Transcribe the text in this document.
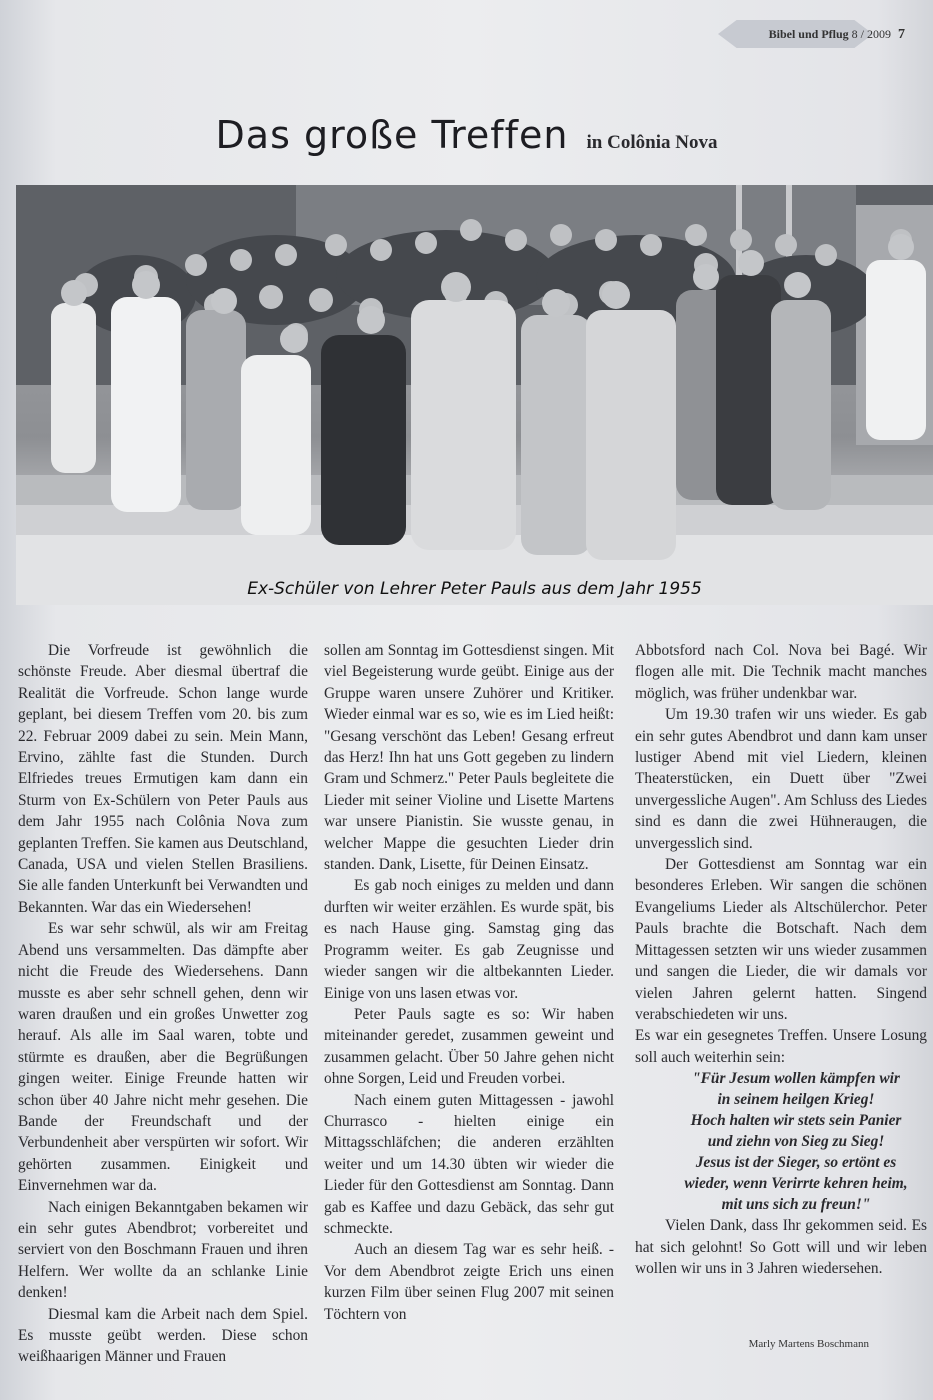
Bibel und Pflug 8 / 2009 7
Das große Treffen in Colônia Nova
Ex-Schüler von Lehrer Peter Pauls aus dem Jahr 1955

Die Vorfreude ist gewöhnlich die schönste Freude. Aber diesmal übertraf die Realität die Vorfreude. Schon lange wurde geplant, bei diesem Treffen vom 20. bis zum 22. Februar 2009 dabei zu sein. Mein Mann, Ervino, zählte fast die Stunden. Durch Elfriedes treues Ermutigen kam dann ein Sturm von Ex-Schülern von Peter Pauls aus dem Jahr 1955 nach Colônia Nova zum geplanten Treffen. Sie kamen aus Deutschland, Canada, USA und vielen Stellen Brasiliens. Sie alle fanden Unterkunft bei Verwandten und Bekannten. War das ein Wiedersehen!

Es war sehr schwül, als wir am Freitag Abend uns versammelten. Das dämpfte aber nicht die Freude des Wiedersehens. Dann musste es aber sehr schnell gehen, denn wir waren draußen und ein großes Unwetter zog herauf. Als alle im Saal waren, tobte und stürmte es draußen, aber die Begrüßungen gingen weiter. Einige Freunde hatten wir schon über 40 Jahre nicht mehr gesehen. Die Bande der Freundschaft und der Verbundenheit aber verspürten wir sofort. Wir gehörten zusammen. Einigkeit und Einvernehmen war da.

Nach einigen Bekanntgaben bekamen wir ein sehr gutes Abendbrot; vorbereitet und serviert von den Boschmann Frauen und ihren Helfern. Wer wollte da an schlanke Linie denken!

Diesmal kam die Arbeit nach dem Spiel. Es musste geübt werden. Diese schon weißhaarigen Männer und Frauen

sollen am Sonntag im Gottesdienst singen. Mit viel Begeisterung wurde geübt. Einige aus der Gruppe waren unsere Zuhörer und Kritiker. Wieder einmal war es so, wie es im Lied heißt: "Gesang verschönt das Leben! Gesang erfreut das Herz! Ihn hat uns Gott gegeben zu lindern Gram und Schmerz." Peter Pauls begleitete die Lieder mit seiner Violine und Lisette Martens war unsere Pianistin. Sie wusste genau, in welcher Mappe die gesuchten Lieder drin standen. Dank, Lisette, für Deinen Einsatz.

Es gab noch einiges zu melden und dann durften wir weiter erzählen. Es wurde spät, bis es nach Hause ging. Samstag ging das Programm weiter. Es gab Zeugnisse und wieder sangen wir die altbekannten Lieder. Einige von uns lasen etwas vor.

Peter Pauls sagte es so: Wir haben miteinander geredet, zusammen geweint und zusammen gelacht. Über 50 Jahre gehen nicht ohne Sorgen, Leid und Freuden vorbei.

Nach einem guten Mittagessen - jawohl Churrasco - hielten einige ein Mittagsschläfchen; die anderen erzählten weiter und um 14.30 übten wir wieder die Lieder für den Gottesdienst am Sonntag. Dann gab es Kaffee und dazu Gebäck, das sehr gut schmeckte.

Auch an diesem Tag war es sehr heiß. - Vor dem Abendbrot zeigte Erich uns einen kurzen Film über seinen Flug 2007 mit seinen Töchtern von

Abbotsford nach Col. Nova bei Bagé. Wir flogen alle mit. Die Technik macht manches möglich, was früher undenkbar war.

Um 19.30 trafen wir uns wieder. Es gab ein sehr gutes Abendbrot und dann kam unser lustiger Abend mit viel Liedern, kleinen Theaterstücken, ein Duett über "Zwei unvergessliche Augen". Am Schluss des Liedes sind es dann die zwei Hühneraugen, die unvergesslich sind.

Der Gottesdienst am Sonntag war ein besonderes Erleben. Wir sangen die schönen Evangeliums Lieder als Altschülerchor. Peter Pauls brachte die Botschaft. Nach dem Mittagessen setzten wir uns wieder zusammen und sangen die Lieder, die wir damals vor vielen Jahren gelernt hatten. Singend verabschiedeten wir uns.

Es war ein gesegnetes Treffen. Unsere Losung soll auch weiterhin sein:

"Für Jesum wollen kämpfen wir
in seinem heilgen Krieg!
Hoch halten wir stets sein Panier
und ziehn von Sieg zu Sieg!
Jesus ist der Sieger, so ertönt es
wieder, wenn Verirrte kehren heim,
mit uns sich zu freun!"

Vielen Dank, dass Ihr gekommen seid. Es hat sich gelohnt! So Gott will und wir leben wollen wir uns in 3 Jahren wiedersehen.

Marly Martens Boschmann
